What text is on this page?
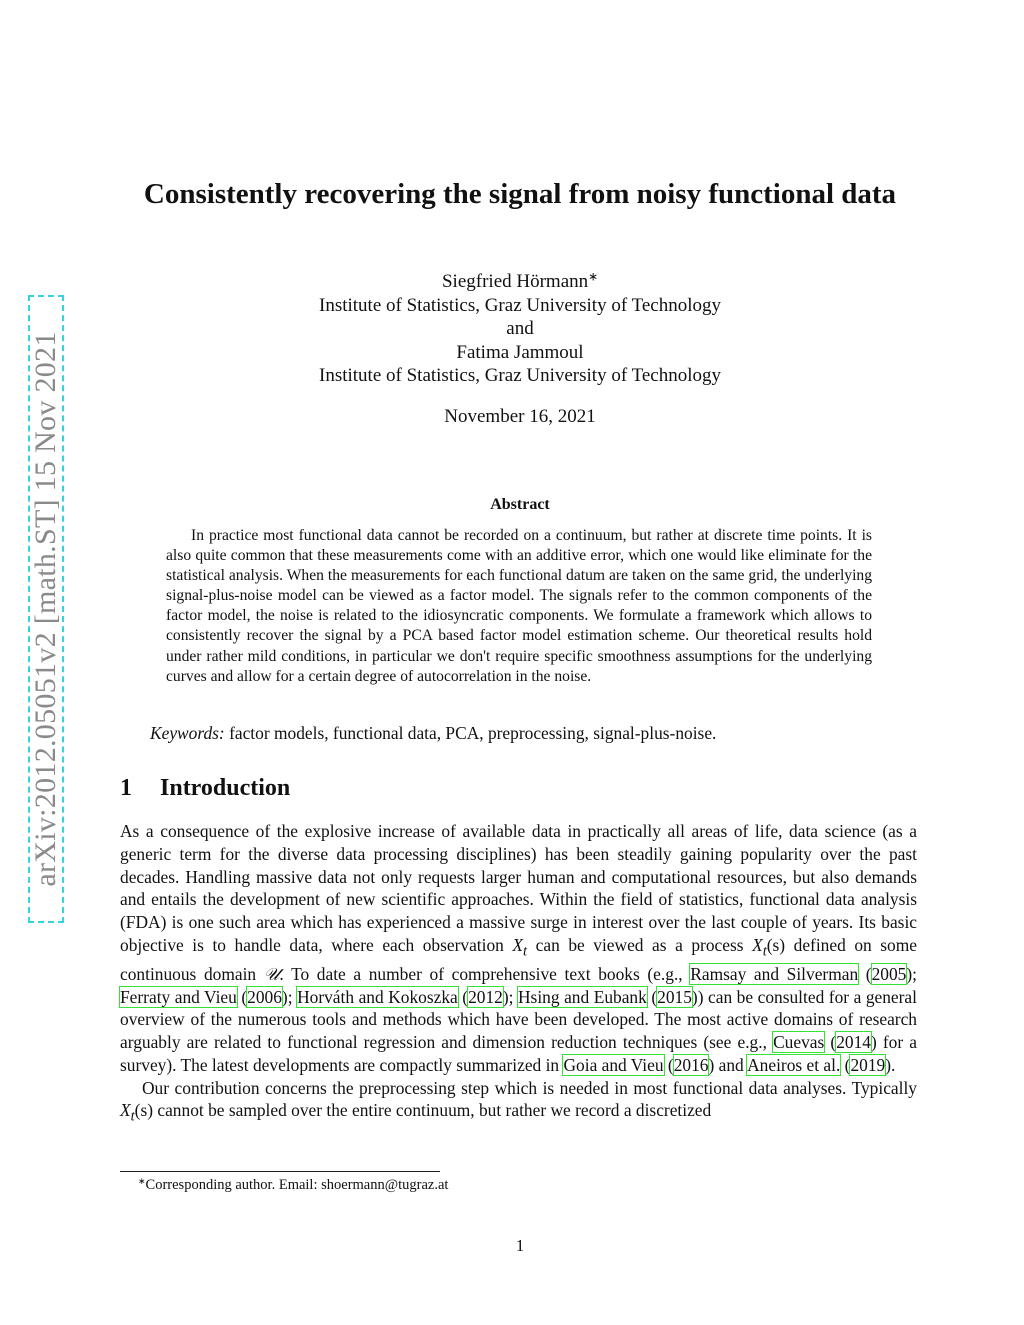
arXiv:2012.05051v2 [math.ST] 15 Nov 2021
Consistently recovering the signal from noisy functional data
Siegfried Hörmann∗
Institute of Statistics, Graz University of Technology
and
Fatima Jammoul
Institute of Statistics, Graz University of Technology
November 16, 2021
Abstract

In practice most functional data cannot be recorded on a continuum, but rather at discrete time points. It is also quite common that these measurements come with an additive error, which one would like eliminate for the statistical analysis. When the measurements for each functional datum are taken on the same grid, the underlying signal-plus-noise model can be viewed as a factor model. The signals refer to the common components of the factor model, the noise is related to the idiosyncratic components. We formulate a framework which allows to consistently recover the signal by a PCA based factor model estimation scheme. Our theoretical results hold under rather mild conditions, in particular we don't require specific smoothness assumptions for the underlying curves and allow for a certain degree of autocorrelation in the noise.

Keywords: factor models, functional data, PCA, preprocessing, signal-plus-noise.
1 Introduction

As a consequence of the explosive increase of available data in practically all areas of life, data science (as a generic term for the diverse data processing disciplines) has been steadily gaining popularity over the past decades. Handling massive data not only requests larger human and computational resources, but also demands and entails the development of new scientific approaches. Within the field of statistics, functional data analysis (FDA) is one such area which has experienced a massive surge in interest over the last couple of years. Its basic objective is to handle data, where each observation $X_t$ can be viewed as a process $X_t(s)$ defined on some continuous domain 𝒰. To date a number of comprehensive text books (e.g., Ramsay and Silverman (2005); Ferraty and Vieu (2006); Horváth and Kokoszka (2012); Hsing and Eubank (2015)) can be consulted for a general overview of the numerous tools and methods which have been developed. The most active domains of research arguably are related to functional regression and dimension reduction techniques (see e.g., Cuevas (2014) for a survey). The latest developments are compactly summarized in Goia and Vieu (2016) and Aneiros et al. (2019).

Our contribution concerns the preprocessing step which is needed in most functional data analyses. Typically $X_t(s)$ cannot be sampled over the entire continuum, but rather we record a discretized

∗Corresponding author. Email: shoermann@tugraz.at
1
